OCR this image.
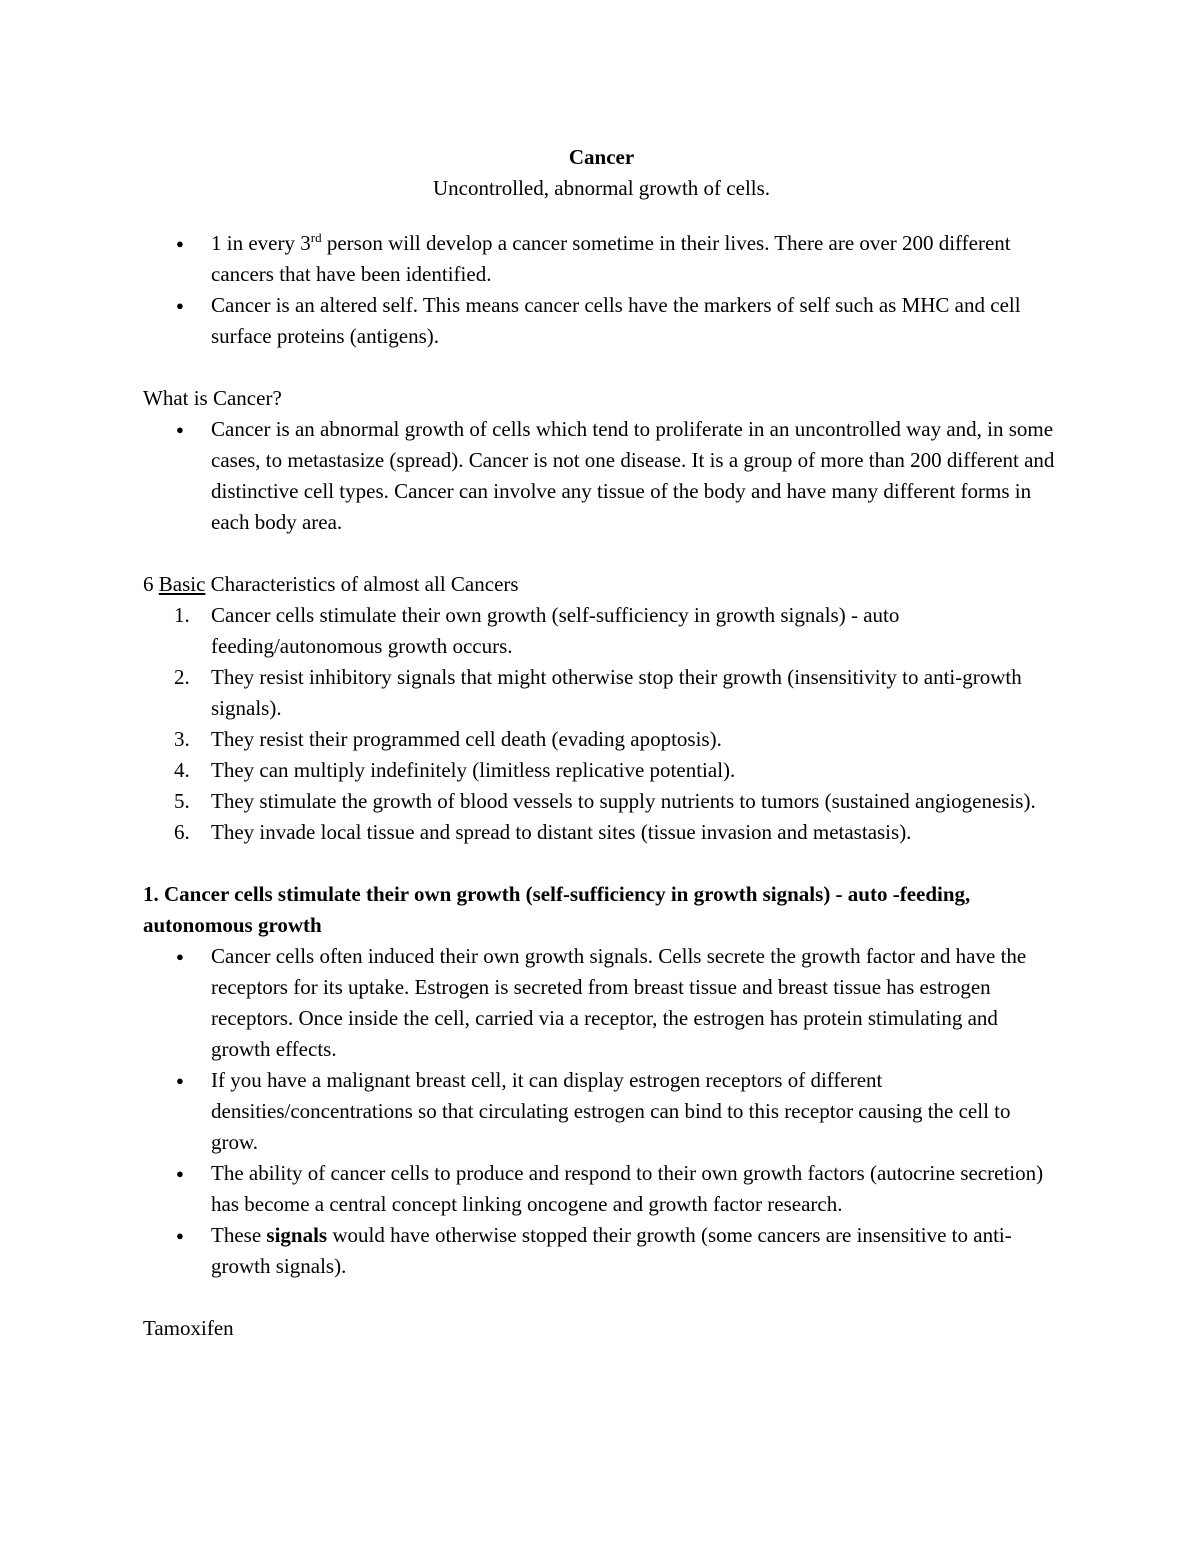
Cancer

Uncontrolled, abnormal growth of cells.

● 1 in every 3rd person will develop a cancer sometime in their lives. There are over 200 different cancers that have been identified.
● Cancer is an altered self. This means cancer cells have the markers of self such as MHC and cell surface proteins (antigens).

What is Cancer?

● Cancer is an abnormal growth of cells which tend to proliferate in an uncontrolled way and, in some cases, to metastasize (spread). Cancer is not one disease. It is a group of more than 200 different and distinctive cell types. Cancer can involve any tissue of the body and have many different forms in each body area.

6 Basic Characteristics of almost all Cancers

1. Cancer cells stimulate their own growth (self-sufficiency in growth signals) - auto feeding/autonomous growth occurs.
2. They resist inhibitory signals that might otherwise stop their growth (insensitivity to anti-growth signals).
3. They resist their programmed cell death (evading apoptosis).
4. They can multiply indefinitely (limitless replicative potential).
5. They stimulate the growth of blood vessels to supply nutrients to tumors (sustained angiogenesis).
6. They invade local tissue and spread to distant sites (tissue invasion and metastasis).

1. Cancer cells stimulate their own growth (self-sufficiency in growth signals) - auto -feeding, autonomous growth

● Cancer cells often induced their own growth signals. Cells secrete the growth factor and have the receptors for its uptake. Estrogen is secreted from breast tissue and breast tissue has estrogen receptors. Once inside the cell, carried via a receptor, the estrogen has protein stimulating and growth effects.
● If you have a malignant breast cell, it can display estrogen receptors of different densities/concentrations so that circulating estrogen can bind to this receptor causing the cell to grow.
● The ability of cancer cells to produce and respond to their own growth factors (autocrine secretion) has become a central concept linking oncogene and growth factor research.
● These signals would have otherwise stopped their growth (some cancers are insensitive to anti-growth signals).

Tamoxifen
